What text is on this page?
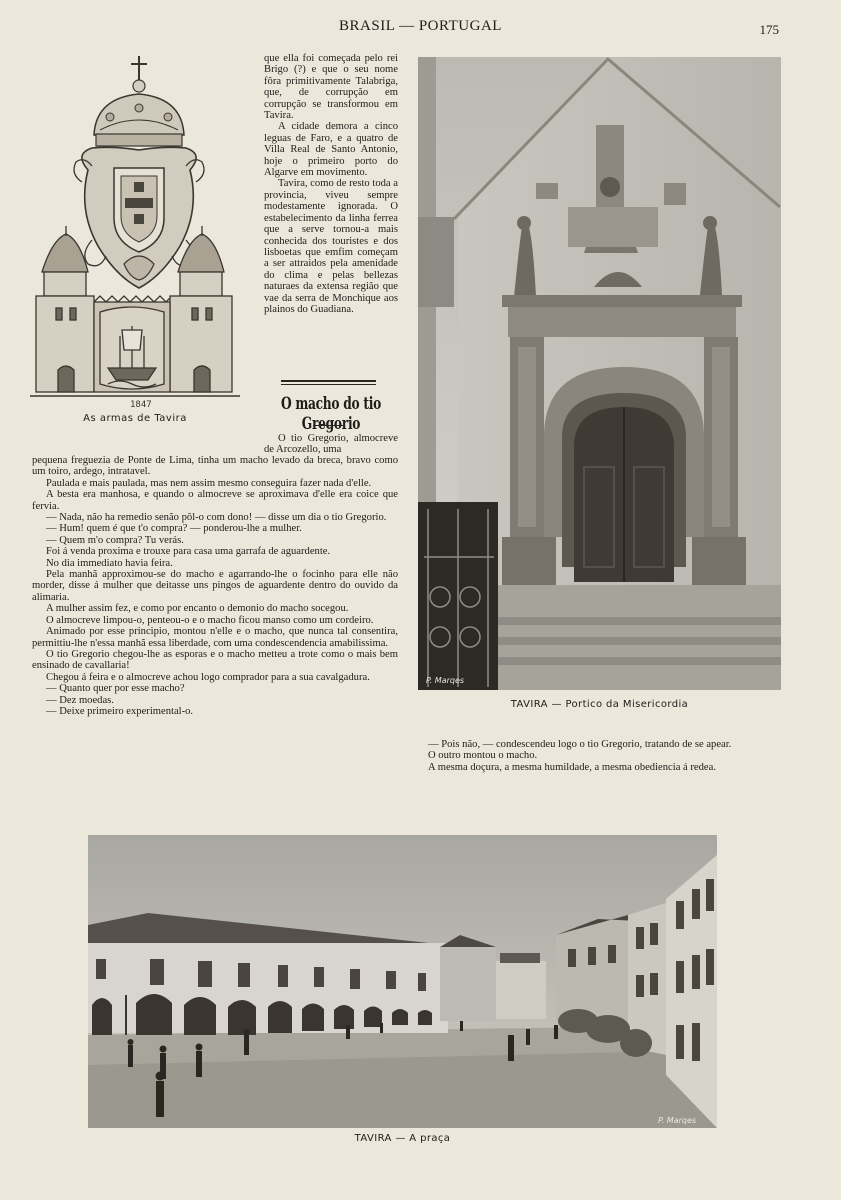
BRASIL — PORTUGAL	175
1847
As armas de Tavira

que ella foi começada pelo rei Brigo (?) e que o seu nome fôra primitivamente Talabriga, que, de corrupção em corrupção se transformou em Tavira.

A cidade demora a cinco leguas de Faro, e a quatro de Villa Real de Santo Antonio, hoje o primeiro porto do Algarve em movimento.

Tavira, como de resto toda a provincia, viveu sempre modestamente ignorada. O estabelecimento da linha ferrea que a serve tornou-a mais conhecida dos touristes e dos lisboetas que emfim começam a ser attraidos pela amenidade do clima e pelas bellezas naturaes da extensa região que vae da serra de Monchique aos plainos do Guadiana.

O macho do tio Gregorio

O tio Gregorio, almocreve de Arcozello, uma

pequena freguezia de Ponte de Lima, tinha um macho levado da breca, bravo como um toiro, ardego, intratavel.

Paulada e mais paulada, mas nem assim mesmo conseguira fazer nada d'elle.

A besta era manhosa, e quando o almocreve se aproximava d'elle era coice que fervia.

— Nada, não ha remedio senão pôl-o com dono! — disse um dia o tio Gregorio.

— Hum! quem é que t'o compra? — ponderou-lhe a mulher.

— Quem m'o compra? Tu verás.

Foi á venda proxima e trouxe para casa uma garrafa de aguardente.

No dia immediato havia feira.

Pela manhã approximou-se do macho e agarrando-lhe o focinho para elle não morder, disse á mulher que deitasse uns pingos de aguardente dentro do ouvido da alimaria.

A mulher assim fez, e como por encanto o demonio do macho socegou.

O almocreve limpou-o, penteou-o e o macho ficou manso como um cordeiro.

Animado por esse principio, montou n'elle e o macho, que nunca tal consentira, permittiu-lhe n'essa manhã essa liberdade, com uma condescendencia amabilissima.

O tio Gregorio chegou-lhe as esporas e o macho metteu a trote como o mais bem ensinado de cavallaria!

Chegou á feira e o almocreve achou logo comprador para a sua cavalgadura.

— Quanto quer por esse macho?

— Dez moedas.

— Deixe primeiro experimental-o.

P. Marqes
TAVIRA — Portico da Misericordia

— Pois não, — condescendeu logo o tio Gregorio, tratando de se apear.

O outro montou o macho.

A mesma doçura, a mesma humildade, a mesma obediencia á redea.

P. Marqes
TAVIRA — A praça
